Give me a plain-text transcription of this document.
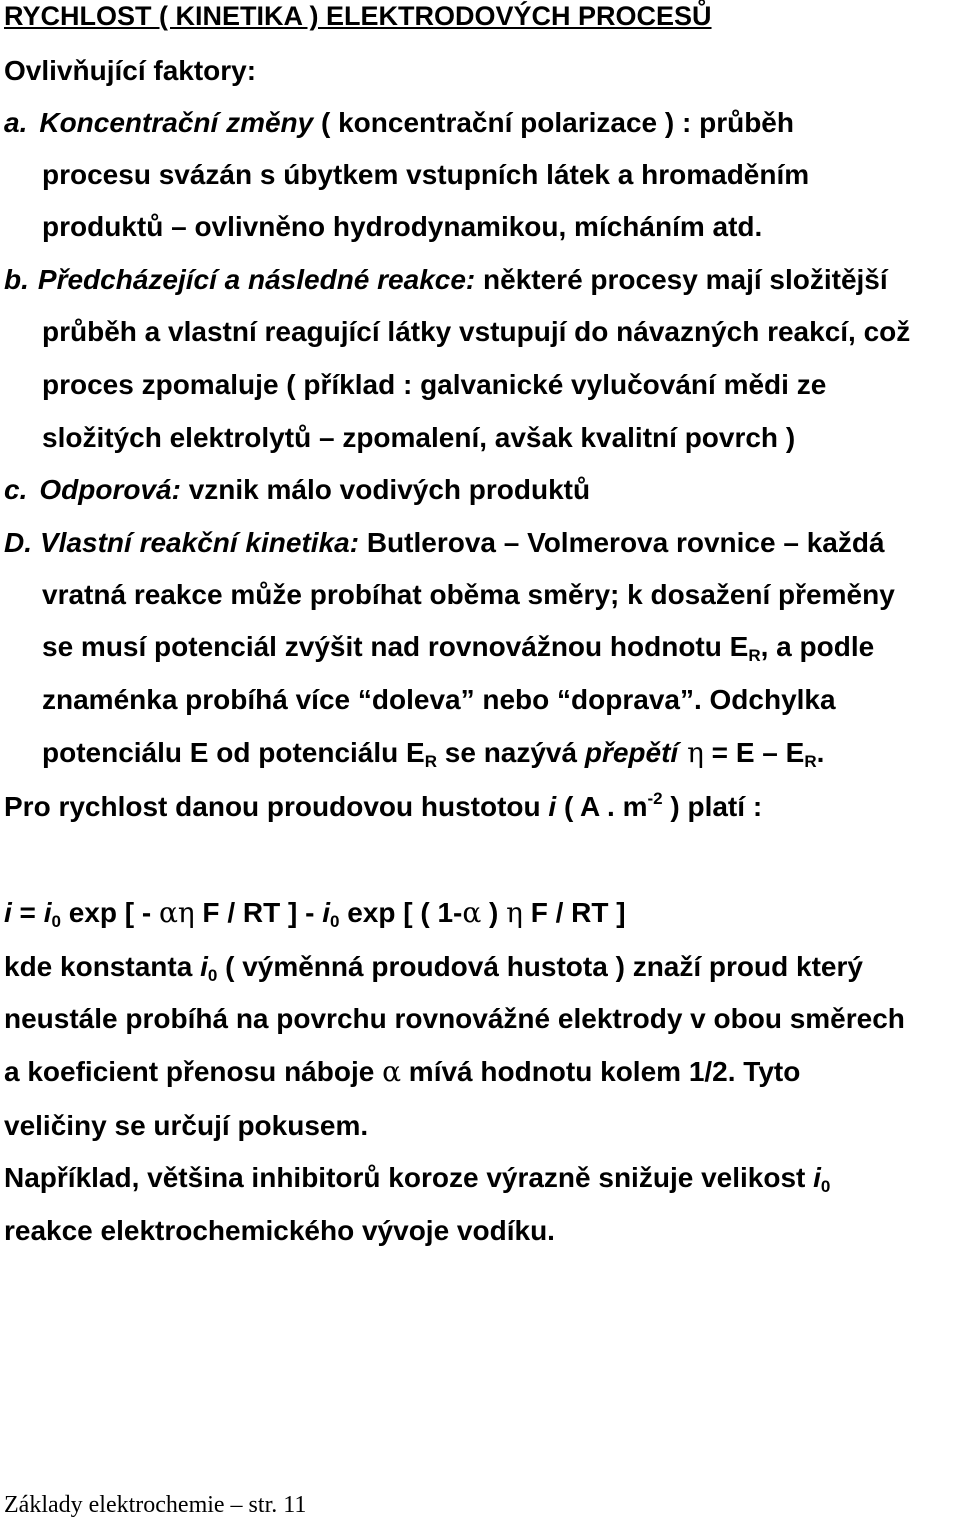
RYCHLOST ( KINETIKA ) ELEKTRODOVÝCH PROCESŮ
Ovlivňující faktory:
a. Koncentrační změny ( koncentrační polarizace ) : průběh
procesu svázán s úbytkem vstupních látek a hromaděním
produktů – ovlivněno hydrodynamikou, mícháním atd.
b. Předcházející a následné reakce: některé procesy mají složitější
průběh a vlastní reagující látky vstupují do návazných reakcí, což
proces zpomaluje ( příklad : galvanické vylučování mědi ze
složitých elektrolytů – zpomalení, avšak kvalitní povrch )
c. Odporová: vznik málo vodivých produktů
D. Vlastní reakční kinetika: Butlerova – Volmerova rovnice – každá
vratná reakce může probíhat oběma směry; k dosažení přeměny
se musí potenciál zvýšit nad rovnovážnou hodnotu $E_R$, a podle
znaménka probíhá více “doleva” nebo “doprava”. Odchylka
potenciálu E od potenciálu $E_R$ se nazývá přepětí $\eta = E - E_R$.
Pro rychlost danou proudovou hustotou i ( A . $m^{-2}$ ) platí :
$i = i_0$ exp [ - αη F / RT ] - $i_0$ exp [ ( 1-α ) η F / RT ]
kde konstanta $i_0$ ( výměnná proudová hustota ) znaží proud který
neustále probíhá na povrchu rovnovážné elektrody v obou směrech
a koeficient přenosu náboje α mívá hodnotu kolem 1/2. Tyto
veličiny se určují pokusem.
Například, většina inhibitorů koroze výrazně snižuje velikost $i_0$
reakce elektrochemického vývoje vodíku.
Základy elektrochemie – str. 11
